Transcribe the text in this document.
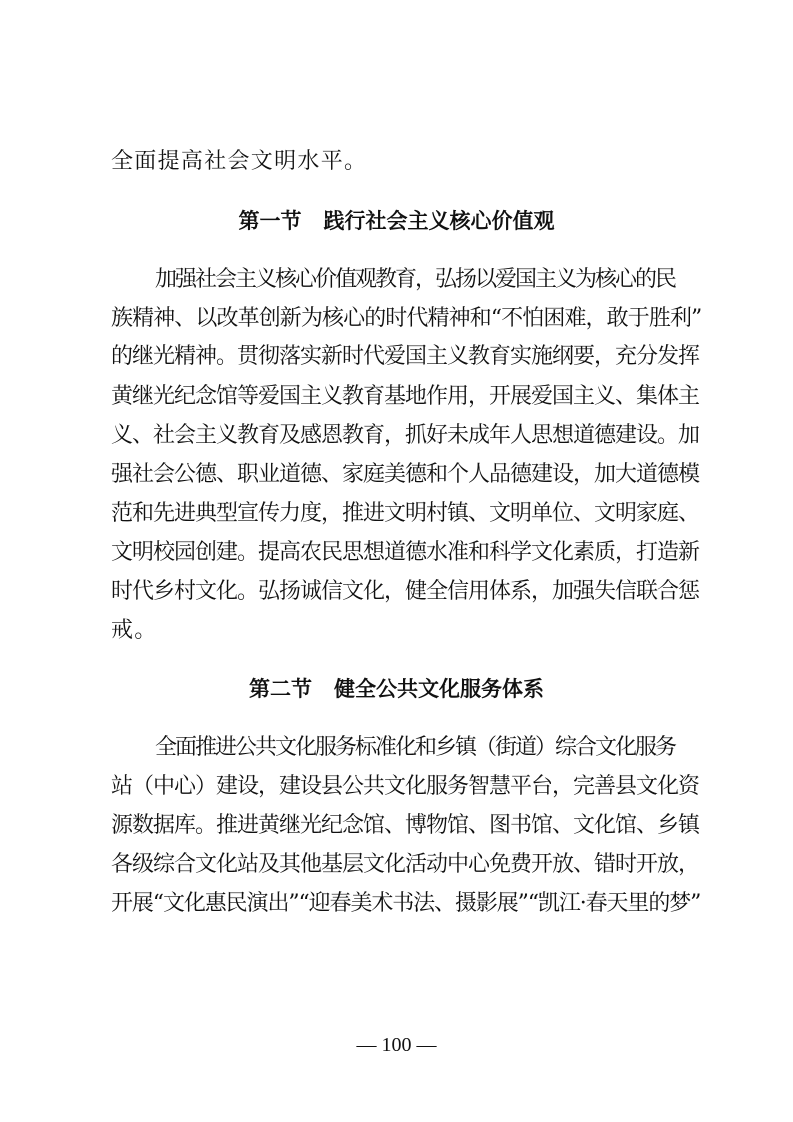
全面提高社会文明水平。
第一节 践行社会主义核心价值观
加强社会主义核心价值观教育，弘扬以爱国主义为核心的民
族精神、以改革创新为核心的时代精神和“不怕困难，敢于胜利”
的继光精神。贯彻落实新时代爱国主义教育实施纲要，充分发挥
黄继光纪念馆等爱国主义教育基地作用，开展爱国主义、集体主
义、社会主义教育及感恩教育，抓好未成年人思想道德建设。加
强社会公德、职业道德、家庭美德和个人品德建设，加大道德模
范和先进典型宣传力度，推进文明村镇、文明单位、文明家庭、
文明校园创建。提高农民思想道德水准和科学文化素质，打造新
时代乡村文化。弘扬诚信文化，健全信用体系，加强失信联合惩
戒。
第二节 健全公共文化服务体系
全面推进公共文化服务标准化和乡镇（街道）综合文化服务
站（中心）建设，建设县公共文化服务智慧平台，完善县文化资
源数据库。推进黄继光纪念馆、博物馆、图书馆、文化馆、乡镇
各级综合文化站及其他基层文化活动中心免费开放、错时开放，
开展“文化惠民演出”“迎春美术书法、摄影展”“凯江·春天里的梦”
— 100 —
